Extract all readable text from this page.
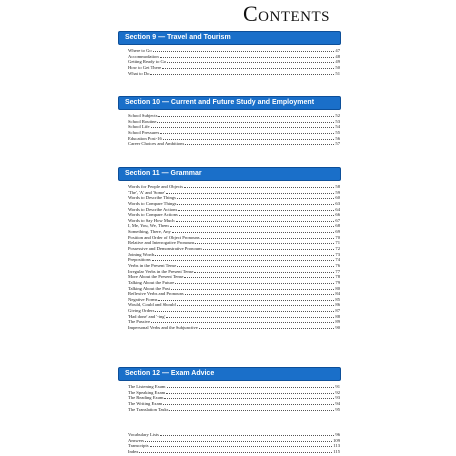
Contents
Section 9 — Travel and Tourism
Where to Go	47
Accommodation	48
Getting Ready to Go	49
How to Get There	50
What to Do	51
Section 10 — Current and Future Study and Employment
School Subjects	52
School Routine	53
School Life	54
School Pressures	55
Education Post-16	56
Career Choices and Ambitions	57
Section 11 — Grammar
Words for People and Objects	58
'The', 'A' and 'Some'	59
Words to Describe Things	60
Words to Compare Things	63
Words to Describe Actions	64
Words to Compare Actions	66
Words to Say How Much	67
I, Me, You, We, Them	68
Something, There, Any	69
Position and Order of Object Pronouns	70
Relative and Interrogative Pronouns	71
Possessive and Demonstrative Pronouns	72
Joining Words	73
Prepositions	74
Verbs in the Present Tense	76
Irregular Verbs in the Present Tense	77
More About the Present Tense	78
Talking About the Future	79
Talking About the Past	80
Reflexive Verbs and Pronouns	84
Negative Forms	85
Would, Could and Should	86
Giving Orders	87
'Had done' and '-ing'	88
The Passive	89
Impersonal Verbs and the Subjunctive	90
Section 12 — Exam Advice
The Listening Exam	91
The Speaking Exam	92
The Reading Exam	93
The Writing Exam	94
The Translation Tasks	95
Vocabulary Lists	96
Answers	109
Transcripts	113
Index	115
